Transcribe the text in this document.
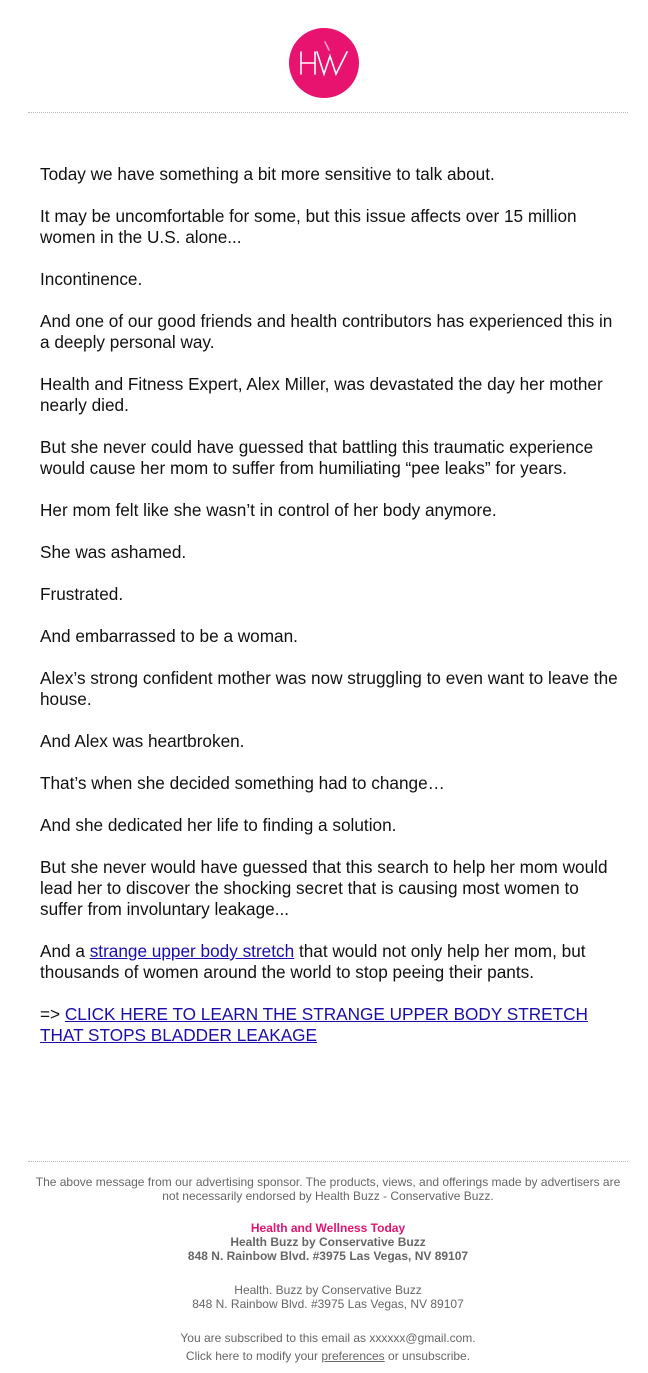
Today we have something a bit more sensitive to talk about.

It may be uncomfortable for some, but this issue affects over 15 million women in the U.S. alone...

Incontinence.

And one of our good friends and health contributors has experienced this in a deeply personal way.

Health and Fitness Expert, Alex Miller, was devastated the day her mother nearly died.

But she never could have guessed that battling this traumatic experience would cause her mom to suffer from humiliating “pee leaks” for years.

Her mom felt like she wasn’t in control of her body anymore.

She was ashamed.

Frustrated.

And embarrassed to be a woman.

Alex’s strong confident mother was now struggling to even want to leave the house.

And Alex was heartbroken.

That’s when she decided something had to change…

And she dedicated her life to finding a solution.

But she never would have guessed that this search to help her mom would lead her to discover the shocking secret that is causing most women to suffer from involuntary leakage...

And a strange upper body stretch that would not only help her mom, but thousands of women around the world to stop peeing their pants.

=> CLICK HERE TO LEARN THE STRANGE UPPER BODY STRETCH THAT STOPS BLADDER LEAKAGE

The above message from our advertising sponsor. The products, views, and offerings made by advertisers are not necessarily endorsed by Health Buzz - Conservative Buzz.

Health and Wellness Today

Health Buzz by Conservative Buzz

848 N. Rainbow Blvd. #3975 Las Vegas, NV 89107

Health. Buzz by Conservative Buzz

848 N. Rainbow Blvd. #3975 Las Vegas, NV 89107

You are subscribed to this email as xxxxxx@gmail.com.

Click here to modify your preferences or unsubscribe.
